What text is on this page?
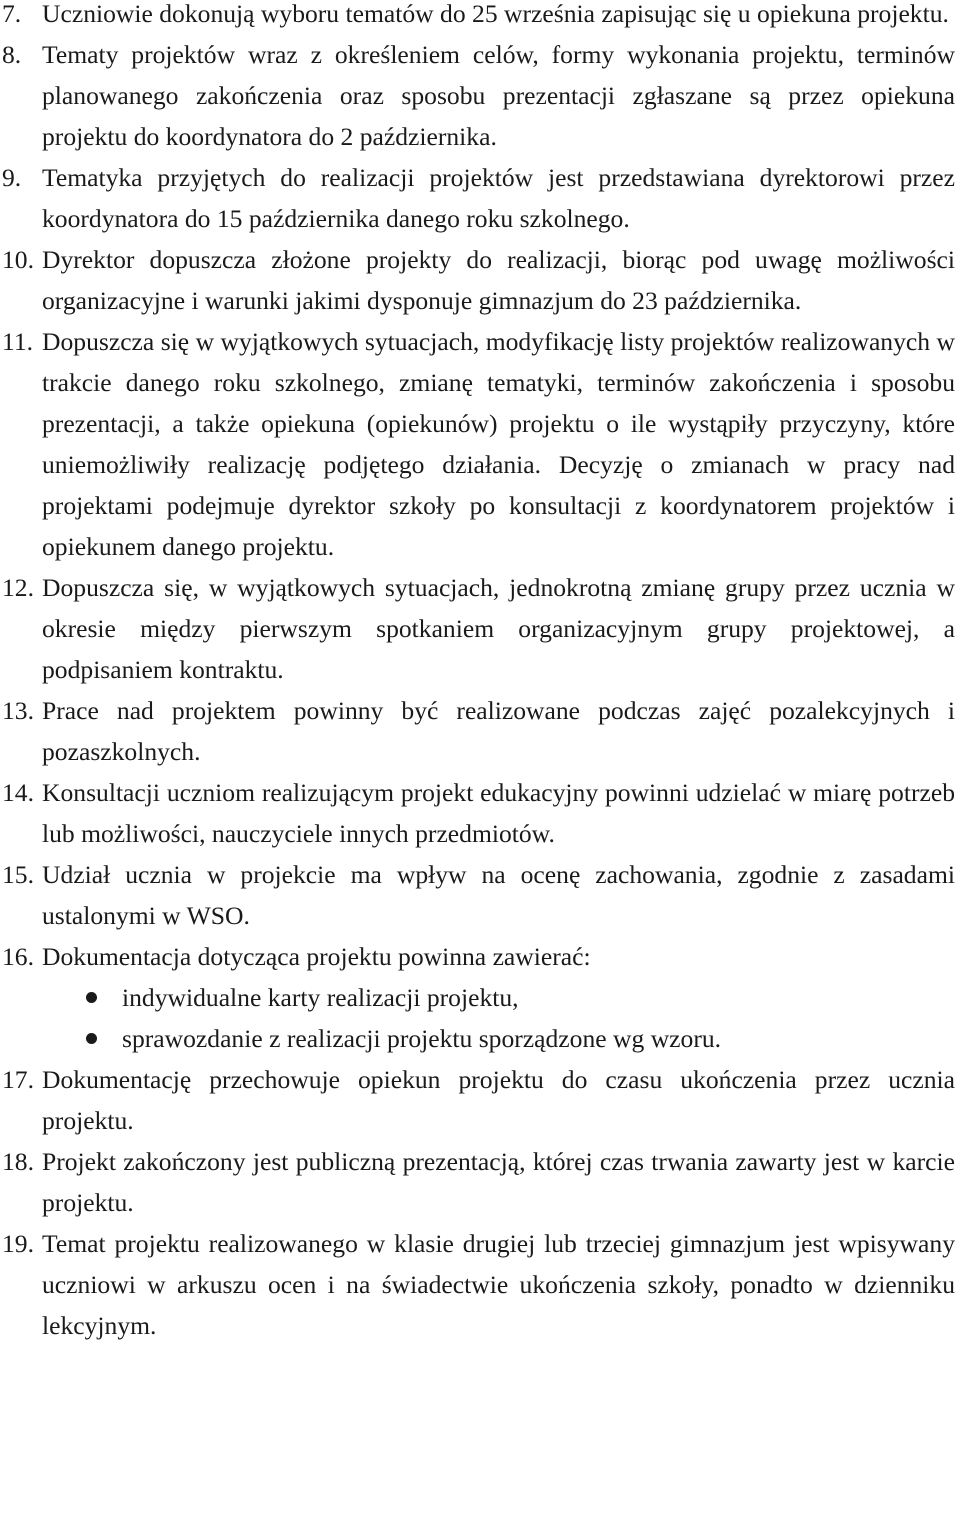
7. Uczniowie dokonują wyboru tematów do 25 września zapisując się u opiekuna projektu.
8. Tematy projektów wraz z określeniem celów, formy wykonania projektu, terminów planowanego zakończenia oraz sposobu prezentacji zgłaszane są przez opiekuna projektu do koordynatora do 2 października.
9. Tematyka przyjętych do realizacji projektów jest przedstawiana dyrektorowi przez koordynatora do 15 października danego roku szkolnego.
10. Dyrektor dopuszcza złożone projekty do realizacji, biorąc pod uwagę możliwości organizacyjne i warunki jakimi dysponuje gimnazjum do 23 października.
11. Dopuszcza się w wyjątkowych sytuacjach, modyfikację listy projektów realizowanych w trakcie danego roku szkolnego, zmianę tematyki, terminów zakończenia i sposobu prezentacji, a także opiekuna (opiekunów) projektu o ile wystąpiły przyczyny, które uniemożliwiły realizację podjętego działania. Decyzję o zmianach w pracy nad projektami podejmuje dyrektor szkoły po konsultacji z koordynatorem projektów i opiekunem danego projektu.
12. Dopuszcza się, w wyjątkowych sytuacjach, jednokrotną zmianę grupy przez ucznia w okresie między pierwszym spotkaniem organizacyjnym grupy projektowej, a podpisaniem kontraktu.
13. Prace nad projektem powinny być realizowane podczas zajęć pozalekcyjnych i pozaszkolnych.
14. Konsultacji uczniom realizującym projekt edukacyjny powinni udzielać w miarę potrzeb lub możliwości, nauczyciele innych przedmiotów.
15. Udział ucznia w projekcie ma wpływ na ocenę zachowania, zgodnie z zasadami ustalonymi w WSO.
16. Dokumentacja dotycząca projektu powinna zawierać:
indywidualne karty realizacji projektu,
sprawozdanie z realizacji projektu sporządzone wg wzoru.
17. Dokumentację przechowuje opiekun projektu do czasu ukończenia przez ucznia projektu.
18. Projekt zakończony jest publiczną prezentacją, której czas trwania zawarty jest w karcie projektu.
19. Temat projektu realizowanego w klasie drugiej lub trzeciej gimnazjum jest wpisywany uczniowi w arkuszu ocen i na świadectwie ukończenia szkoły, ponadto w dzienniku lekcyjnym.
